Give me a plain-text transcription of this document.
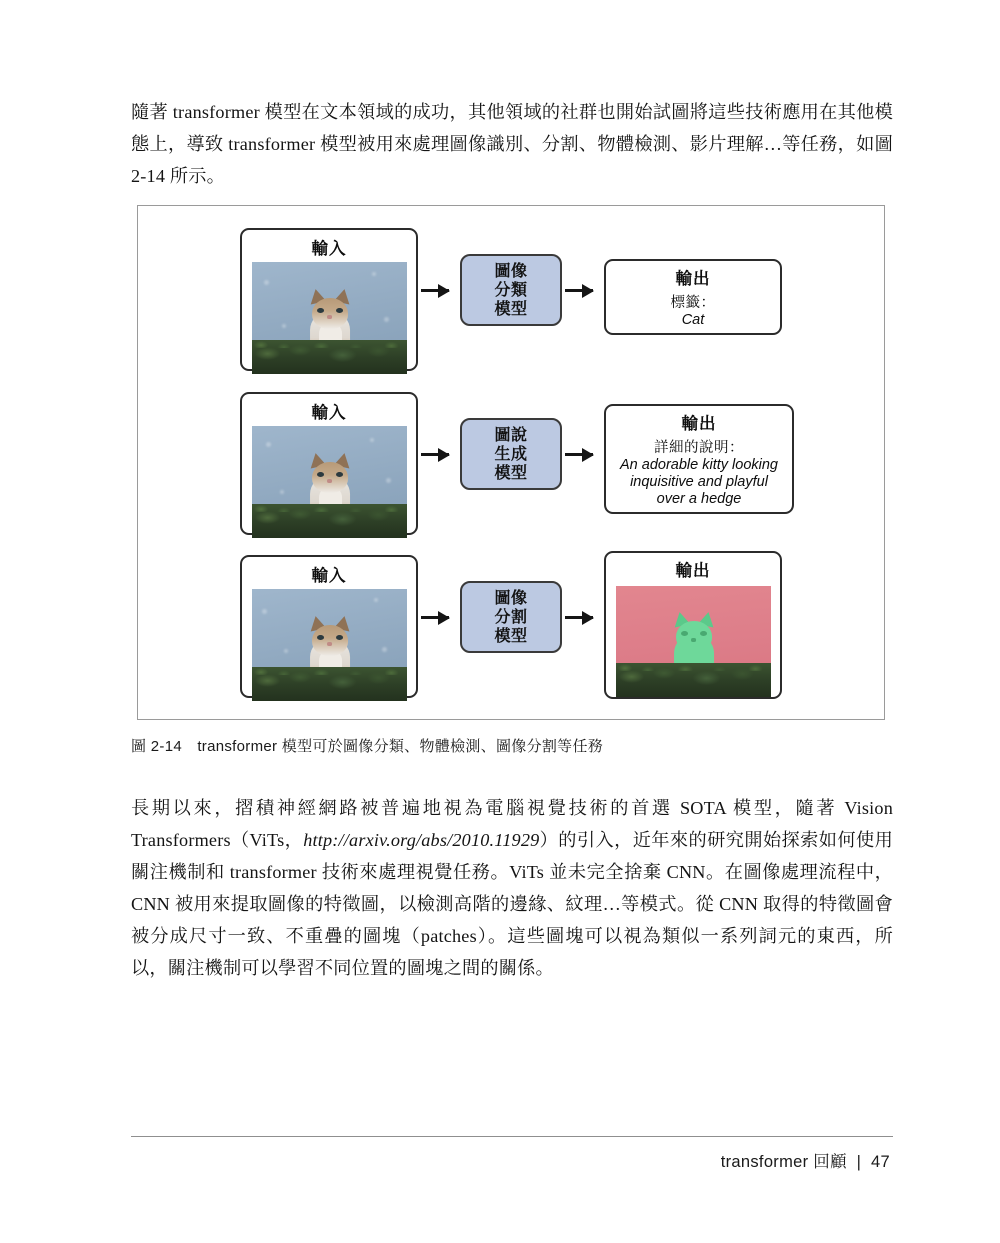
隨著 transformer 模型在文本領域的成功，其他領域的社群也開始試圖將這些技術應用在其他模態上，導致 transformer 模型被用來處理圖像識別、分割、物體檢測、影片理解…等任務，如圖 2-14 所示。
輸入
圖像
分類
模型
輸出
標籤：
Cat
輸入
圖說
生成
模型
輸出
詳細的說明：
An adorable kitty looking
inquisitive and playful
over a hedge
輸入
圖像
分割
模型
輸出
圖 2-14　 transformer 模型可於圖像分類、物體檢測、圖像分割等任務
長期以來，摺積神經網路被普遍地視為電腦視覺技術的首選 SOTA 模型，隨著 Vision Transformers（ViTs，http://arxiv.org/abs/2010.11929）的引入，近年來的研究開始探索如何使用關注機制和 transformer 技術來處理視覺任務。ViTs 並未完全捨棄 CNN。在圖像處理流程中，CNN 被用來提取圖像的特徵圖，以檢測高階的邊緣、紋理…等模式。從 CNN 取得的特徵圖會被分成尺寸一致、不重疊的圖塊（patches）。這些圖塊可以視為類似一系列詞元的東西，所以，關注機制可以學習不同位置的圖塊之間的關係。
transformer 回顧 | 47
